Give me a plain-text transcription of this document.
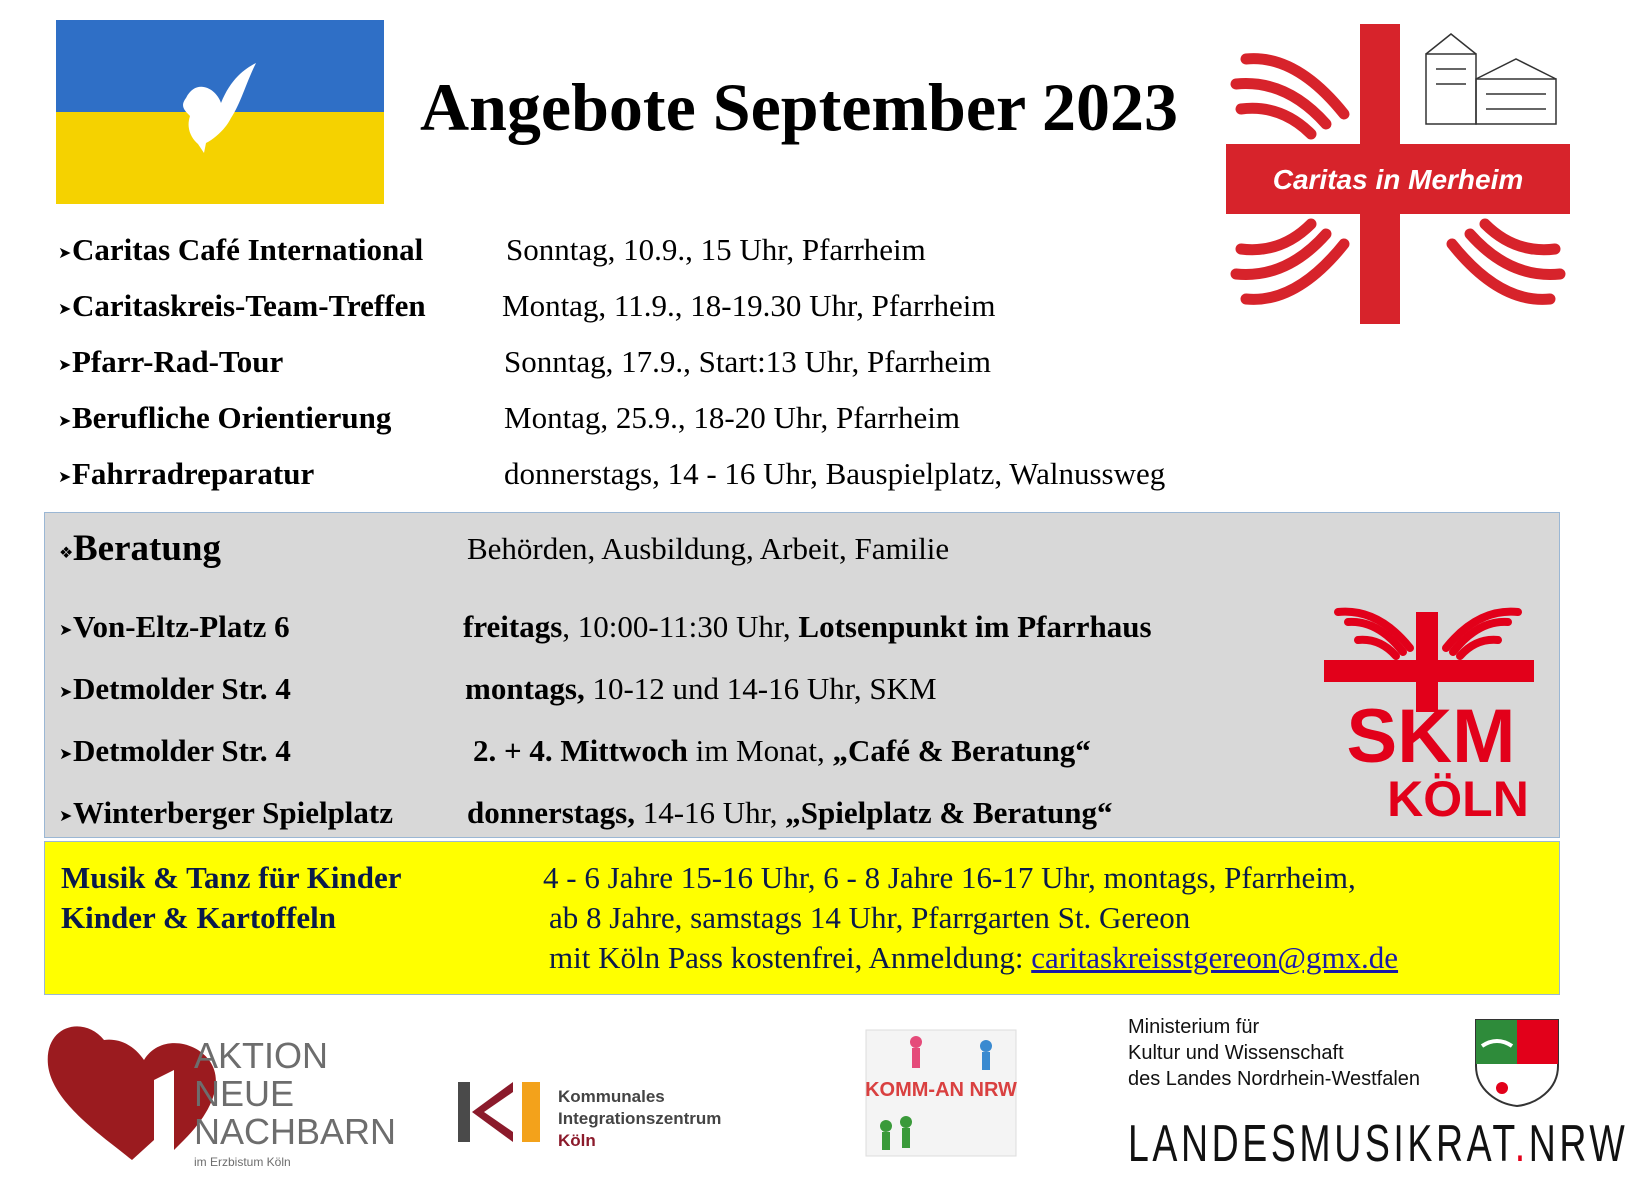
Angebote September 2023
Caritas in Merheim
➤Caritas Café International	Sonntag, 10.9., 15 Uhr, Pfarrheim
➤Caritaskreis-Team-Treffen Montag, 11.9., 18-19.30 Uhr, Pfarrheim
➤Pfarr-Rad-Tour	Sonntag, 17.9., Start:13 Uhr, Pfarrheim
➤Berufliche Orientierung	Montag, 25.9., 18-20 Uhr, Pfarrheim
➤Fahrradreparatur	donnerstags, 14 - 16 Uhr, Bauspielplatz, Walnussweg
❖Beratung	Behörden, Ausbildung, Arbeit, Familie
➤Von-Eltz-Platz 6	freitags, 10:00-11:30 Uhr, Lotsenpunkt im Pfarrhaus
➤Detmolder Str. 4	montags, 10-12 und 14-16 Uhr, SKM
➤Detmolder Str. 4	2. + 4. Mittwoch im Monat, „Café & Beratung“
➤Winterberger Spielplatz donnerstags, 14-16 Uhr, „Spielplatz & Beratung“
SKM
KÖLN
Musik & Tanz für Kinder
Kinder & Kartoffeln
4 - 6 Jahre 15-16 Uhr, 6 - 8 Jahre 16-17 Uhr, montags, Pfarrheim,
ab 8 Jahre, samstags 14 Uhr, Pfarrgarten St. Gereon
mit Köln Pass kostenfrei, Anmeldung: caritaskreisstgereon@gmx.de
AKTION
NEUE
NACHBARN
im Erzbistum Köln
Kommunales
Integrationszentrum
Köln
KOMM-AN NRW
Ministerium für
Kultur und Wissenschaft
des Landes Nordrhein-Westfalen
LANDESMUSIKRAT.NRW
